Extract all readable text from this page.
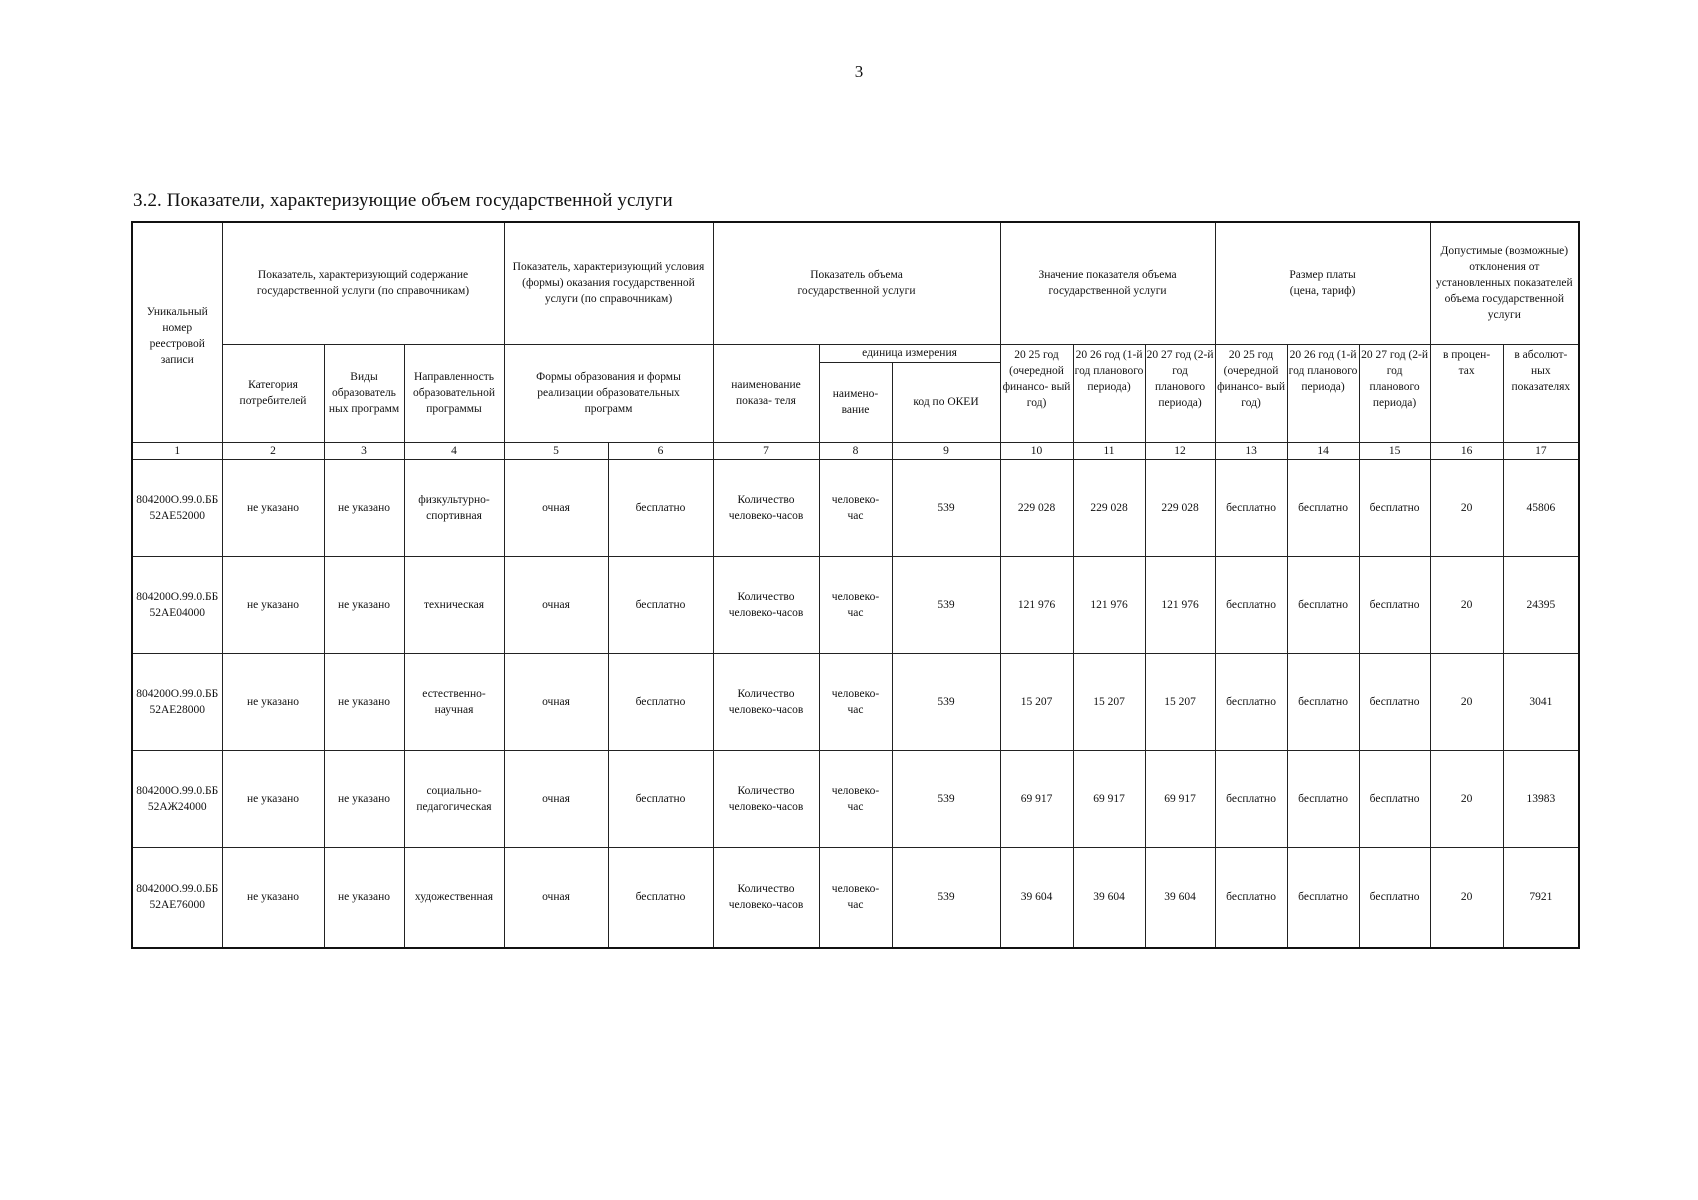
3
3.2. Показатели, характеризующие объем государственной услуги
Уникальный номер реестровой записи	Показатель, характеризующий содержание государственной услуги (по справочникам)			Показатель, характеризующий условия (формы) оказания государственной услуги (по справочникам)		Показатель объема государственной услуги			Значение показателя объема государственной услуги			Размер платы (цена, тариф)			Допустимые (возможные) отклонения от установленных показателей объема государственной услуги	
	Категория потребителей	Виды образователь ных программ	Направленность образовательной программы	Формы образования и формы реализации образовательных программ		наименование показа- теля	единица измерения		20 25 год (очередной финансо- вый год)	20 26 год (1-й год планового периода)	20 27 год (2-й год планового периода)	20 25 год (очередной финансо- вый год)	20 26 год (1-й год планового периода)	20 27 год (2-й год планового периода)	в процен- тах	в абсолют- ных показателях
							наимено- вание	код по ОКЕИ								
1	2	3	4	5	6	7	8	9	10	11	12	13	14	15	16	17
804200О.99.0.ББ52АЕ52000	не указано	не указано	физкультурно- спортивная	очная	бесплатно	Количество человеко-часов	человеко- час	539	229 028	229 028	229 028	бесплатно	бесплатно	бесплатно	20	45806
804200О.99.0.ББ52АЕ04000	не указано	не указано	техническая	очная	бесплатно	Количество человеко-часов	человеко- час	539	121 976	121 976	121 976	бесплатно	бесплатно	бесплатно	20	24395
804200О.99.0.ББ52АЕ28000	не указано	не указано	естественно- научная	очная	бесплатно	Количество человеко-часов	человеко- час	539	15 207	15 207	15 207	бесплатно	бесплатно	бесплатно	20	3041
804200О.99.0.ББ52АЖ24000	не указано	не указано	социально- педагогическая	очная	бесплатно	Количество человеко-часов	человеко- час	539	69 917	69 917	69 917	бесплатно	бесплатно	бесплатно	20	13983
804200О.99.0.ББ52АЕ76000	не указано	не указано	художественная	очная	бесплатно	Количество человеко-часов	человеко- час	539	39 604	39 604	39 604	бесплатно	бесплатно	бесплатно	20	7921
